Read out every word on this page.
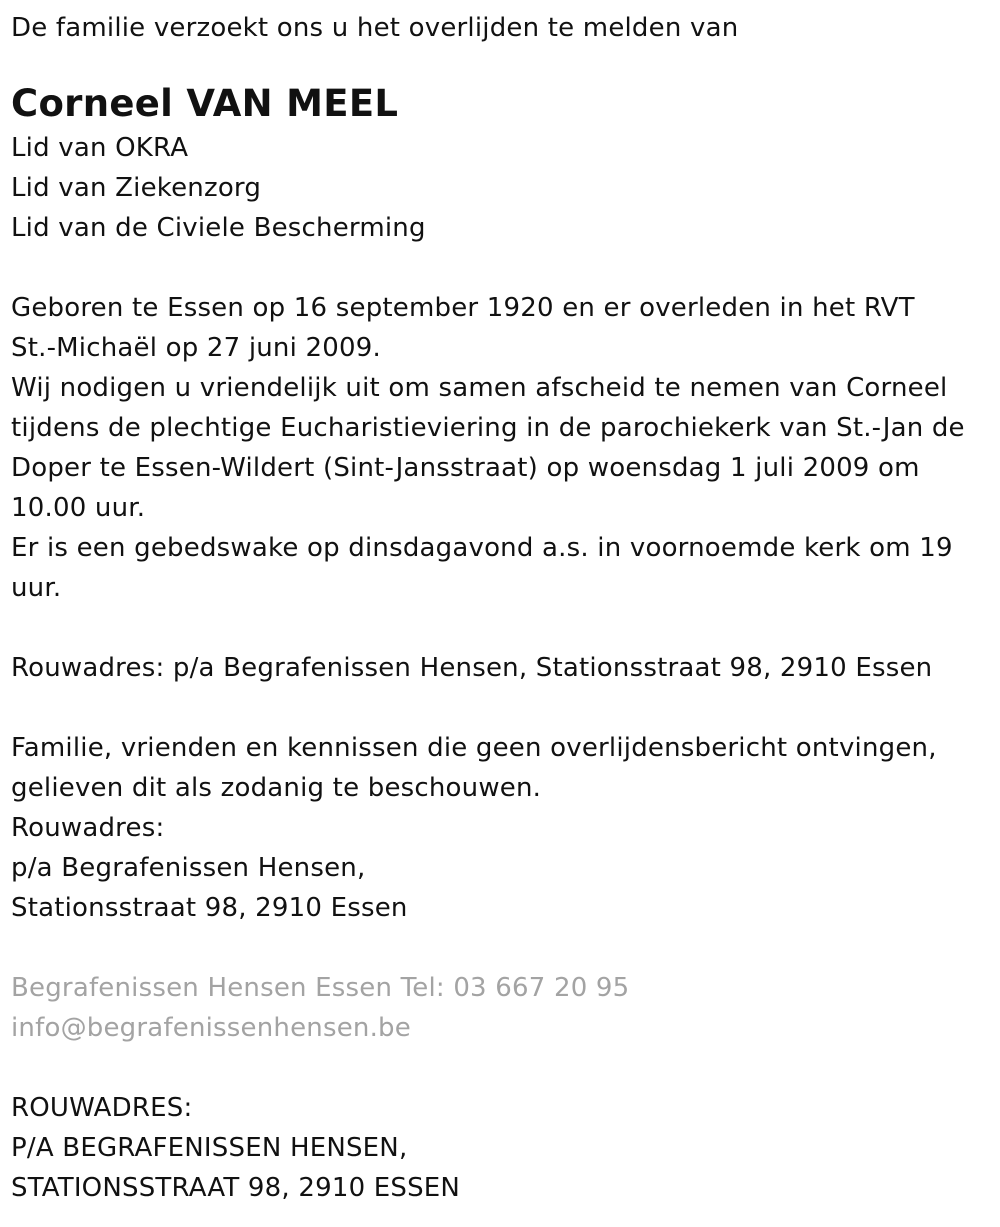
De familie verzoekt ons u het overlijden te melden van
Corneel VAN MEEL
Lid van OKRA
Lid van Ziekenzorg
Lid van de Civiele Bescherming
Geboren te Essen op 16 september 1920 en er overleden in het RVT
St.-Michaël op 27 juni 2009.
Wij nodigen u vriendelijk uit om samen afscheid te nemen van Corneel
tijdens de plechtige Eucharistieviering in de parochiekerk van St.-Jan de
Doper te Essen-Wildert (Sint-Jansstraat) op woensdag 1 juli 2009 om
10.00 uur.
Er is een gebedswake op dinsdagavond a.s. in voornoemde kerk om 19
uur.
Rouwadres: p/a Begrafenissen Hensen, Stationsstraat 98, 2910 Essen
Familie, vrienden en kennissen die geen overlijdensbericht ontvingen,
gelieven dit als zodanig te beschouwen.
Rouwadres:
p/a Begrafenissen Hensen,
Stationsstraat 98, 2910 Essen
Begrafenissen Hensen Essen Tel: 03 667 20 95
info@begrafenissenhensen.be
ROUWADRES:
P/A BEGRAFENISSEN HENSEN,
STATIONSSTRAAT 98, 2910 ESSEN
